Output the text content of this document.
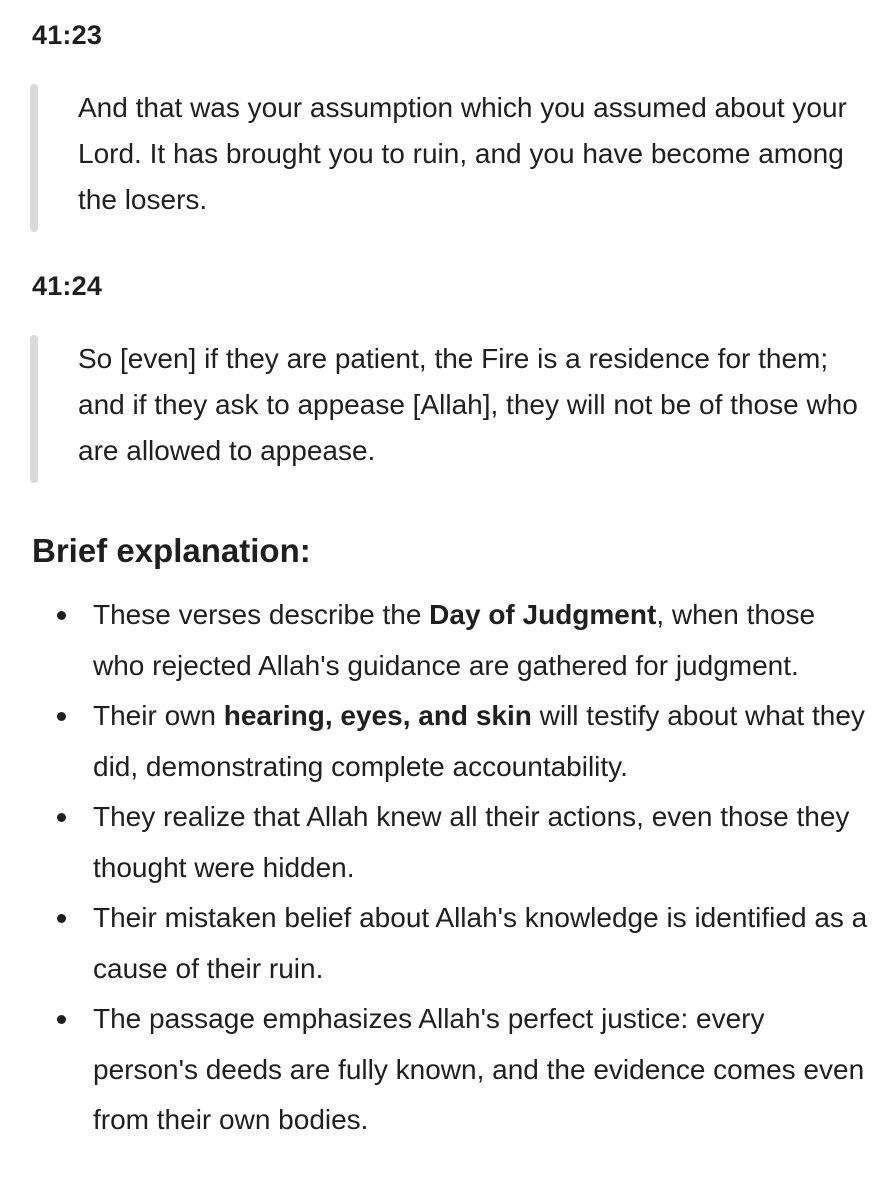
41:23
And that was your assumption which you assumed about your Lord. It has brought you to ruin, and you have become among the losers.
41:24
So [even] if they are patient, the Fire is a residence for them; and if they ask to appease [Allah], they will not be of those who are allowed to appease.
Brief explanation:
These verses describe the Day of Judgment, when those who rejected Allah's guidance are gathered for judgment.
Their own hearing, eyes, and skin will testify about what they did, demonstrating complete accountability.
They realize that Allah knew all their actions, even those they thought were hidden.
Their mistaken belief about Allah's knowledge is identified as a cause of their ruin.
The passage emphasizes Allah's perfect justice: every person's deeds are fully known, and the evidence comes even from their own bodies.
